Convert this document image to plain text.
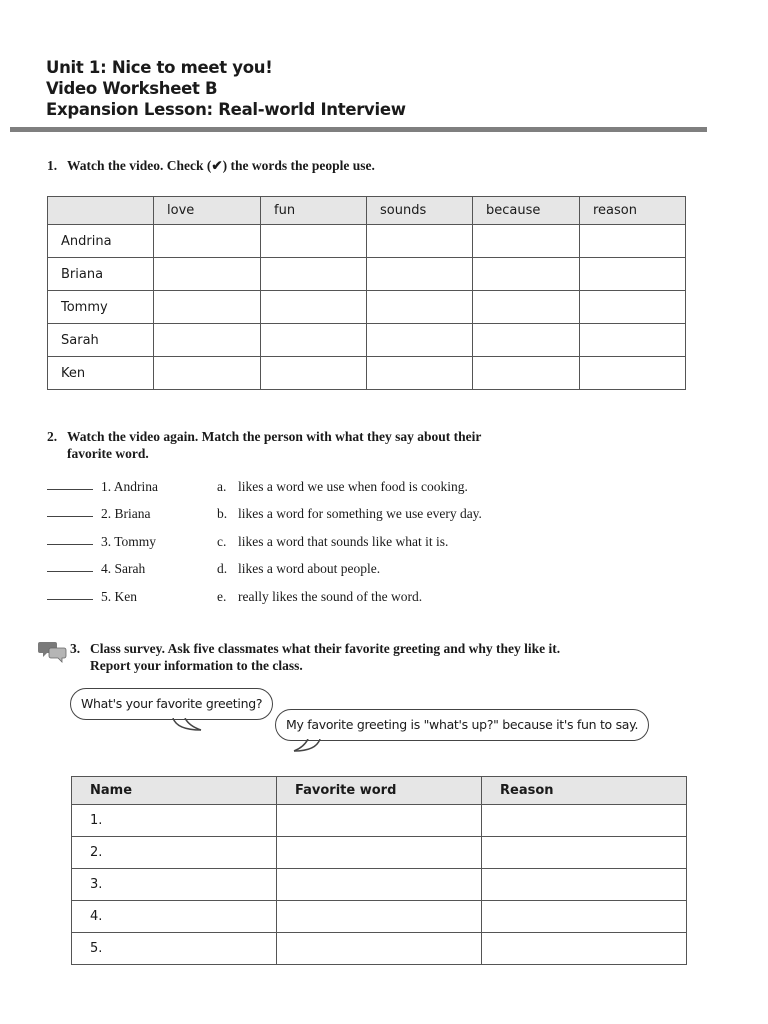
Unit 1: Nice to meet you!
Video Worksheet B
Expansion Lesson: Real-world Interview
1. Watch the video. Check (✔) the words the people use.
	love	fun	sounds	because	reason
Andrina					
Briana					
Tommy					
Sarah					
Ken					
2. Watch the video again. Match the person with what they say about their
favorite word.
1. Andrina	a. likes a word we use when food is cooking.
2. Briana	b. likes a word for something we use every day.
3. Tommy	c. likes a word that sounds like what it is.
4. Sarah	d. likes a word about people.
5. Ken	e. really likes the sound of the word.
3. Class survey. Ask five classmates what their favorite greeting and why they like it.
Report your information to the class.
What's your favorite greeting?
My favorite greeting is "what's up?" because it's fun to say.
Name	Favorite word	Reason
1.		
2.		
3.		
4.		
5.		
